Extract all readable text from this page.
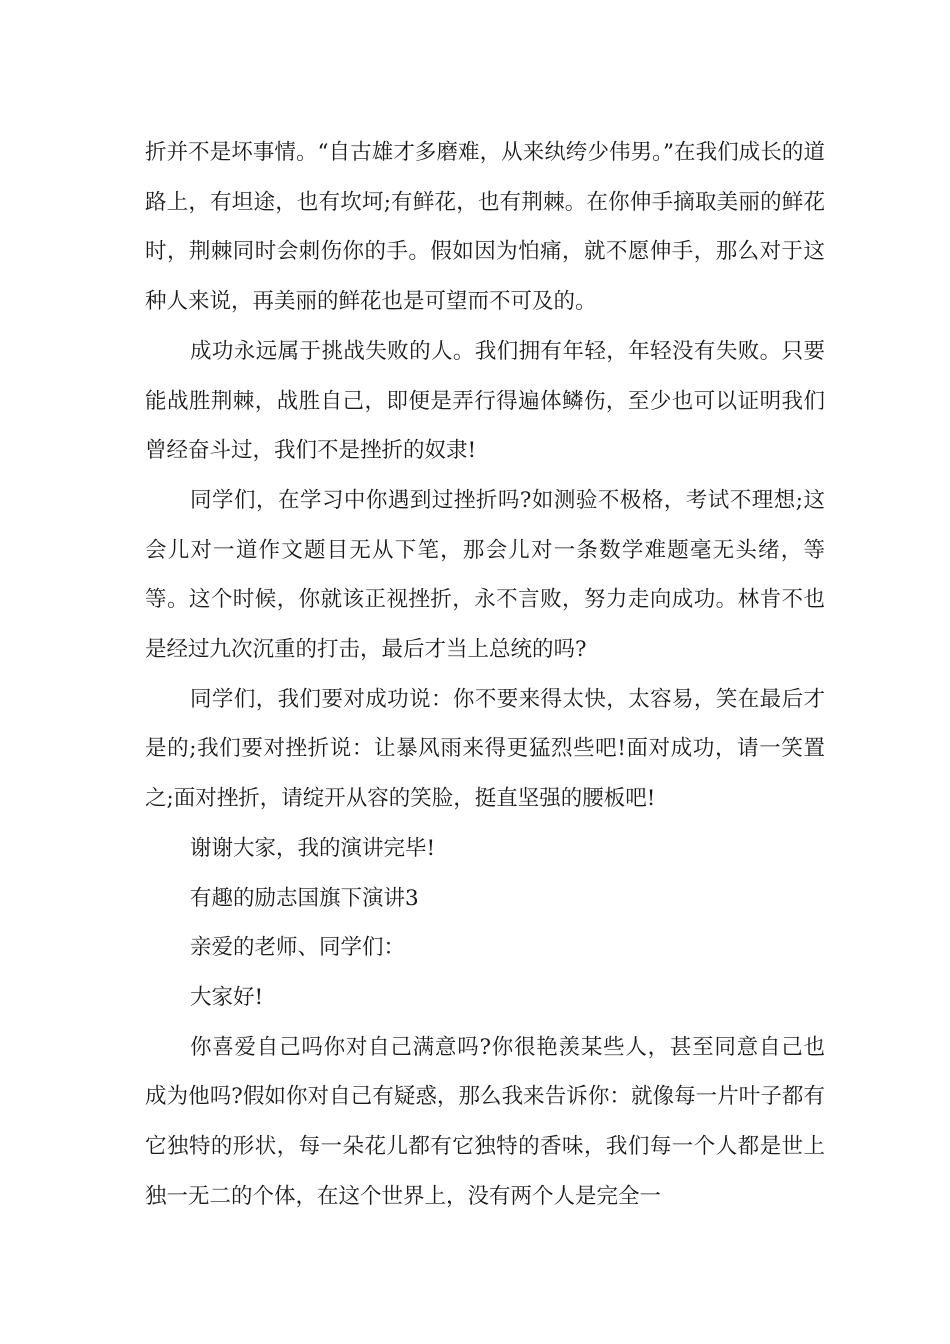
折并不是坏事情。“自古雄才多磨难，从来纨绔少伟男。”在我们成长的道路上，有坦途，也有坎坷;有鲜花，也有荆棘。在你伸手摘取美丽的鲜花时，荆棘同时会刺伤你的手。假如因为怕痛，就不愿伸手，那么对于这种人来说，再美丽的鲜花也是可望而不可及的。

成功永远属于挑战失败的人。我们拥有年轻，年轻没有失败。只要能战胜荆棘，战胜自己，即便是弄行得遍体鳞伤，至少也可以证明我们曾经奋斗过，我们不是挫折的奴隶!

同学们，在学习中你遇到过挫折吗?如测验不极格，考试不理想;这会儿对一道作文题目无从下笔，那会儿对一条数学难题毫无头绪，等等。这个时候，你就该正视挫折，永不言败，努力走向成功。林肯不也是经过九次沉重的打击，最后才当上总统的吗?

同学们，我们要对成功说：你不要来得太快，太容易，笑在最后才是的;我们要对挫折说：让暴风雨来得更猛烈些吧!面对成功，请一笑置之;面对挫折，请绽开从容的笑脸，挺直坚强的腰板吧!

谢谢大家，我的演讲完毕!

有趣的励志国旗下演讲3

亲爱的老师、同学们：

大家好!

你喜爱自己吗你对自己满意吗?你很艳羡某些人，甚至同意自己也成为他吗?假如你对自己有疑惑，那么我来告诉你：就像每一片叶子都有它独特的形状，每一朵花儿都有它独特的香味，我们每一个人都是世上独一无二的个体，在这个世界上，没有两个人是完全一
